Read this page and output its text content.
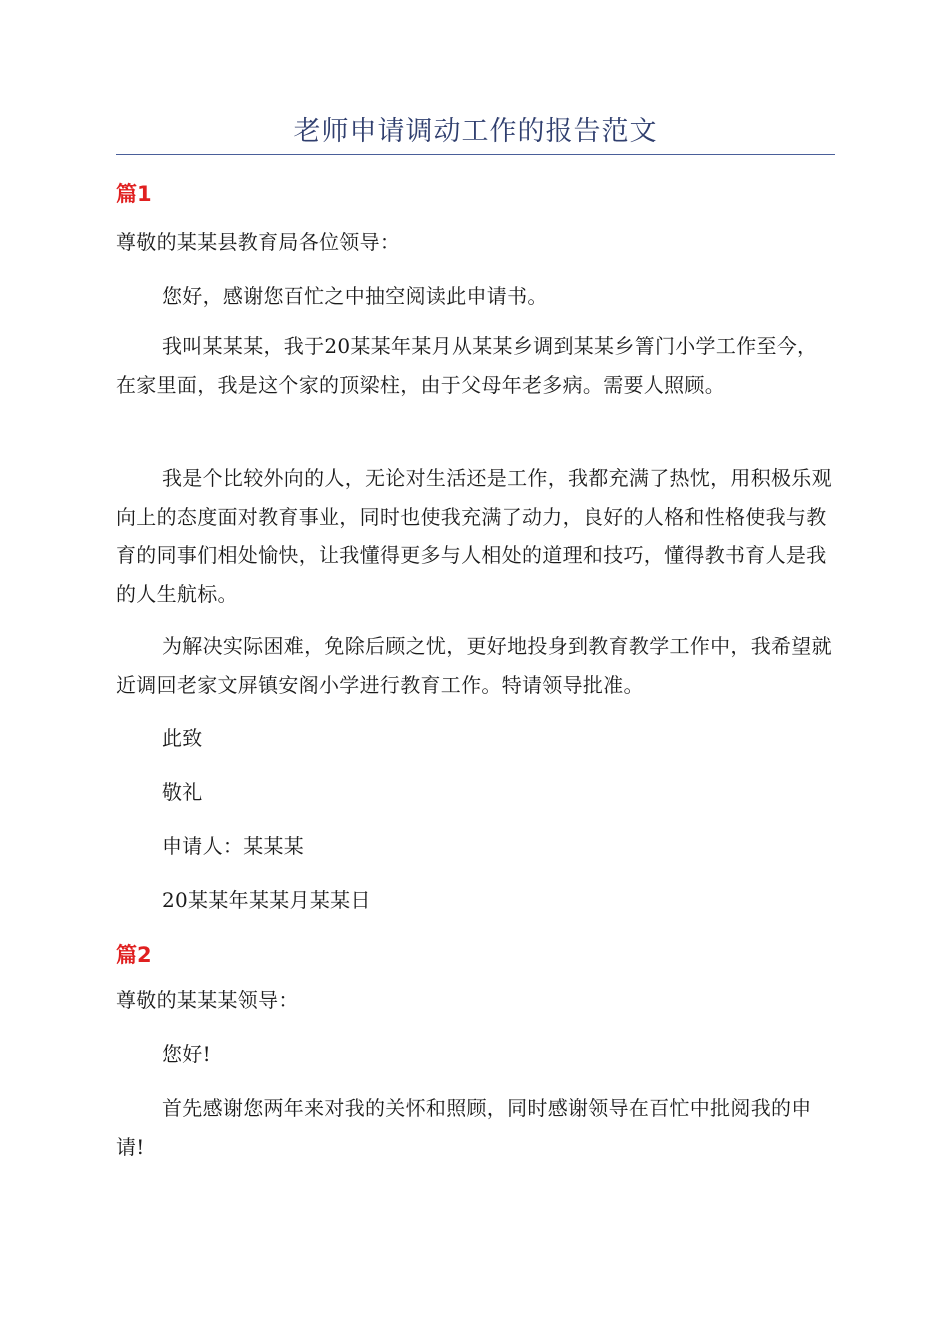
老师申请调动工作的报告范文
篇1
尊敬的某某县教育局各位领导：
您好，感谢您百忙之中抽空阅读此申请书。

我叫某某某，我于20某某年某月从某某乡调到某某乡箐门小学工作至今，在家里面，我是这个家的顶梁柱，由于父母年老多病。需要人照顾。

我是个比较外向的人，无论对生活还是工作，我都充满了热忱，用积极乐观向上的态度面对教育事业，同时也使我充满了动力，良好的人格和性格使我与教育的同事们相处愉快，让我懂得更多与人相处的道理和技巧，懂得教书育人是我的人生航标。

为解决实际困难，免除后顾之忧，更好地投身到教育教学工作中，我希望就近调回老家文屏镇安阁小学进行教育工作。特请领导批准。

此致
敬礼
申请人：某某某
20某某年某某月某某日
篇2
尊敬的某某某领导：
您好!

首先感谢您两年来对我的关怀和照顾，同时感谢领导在百忙中批阅我的申请!
